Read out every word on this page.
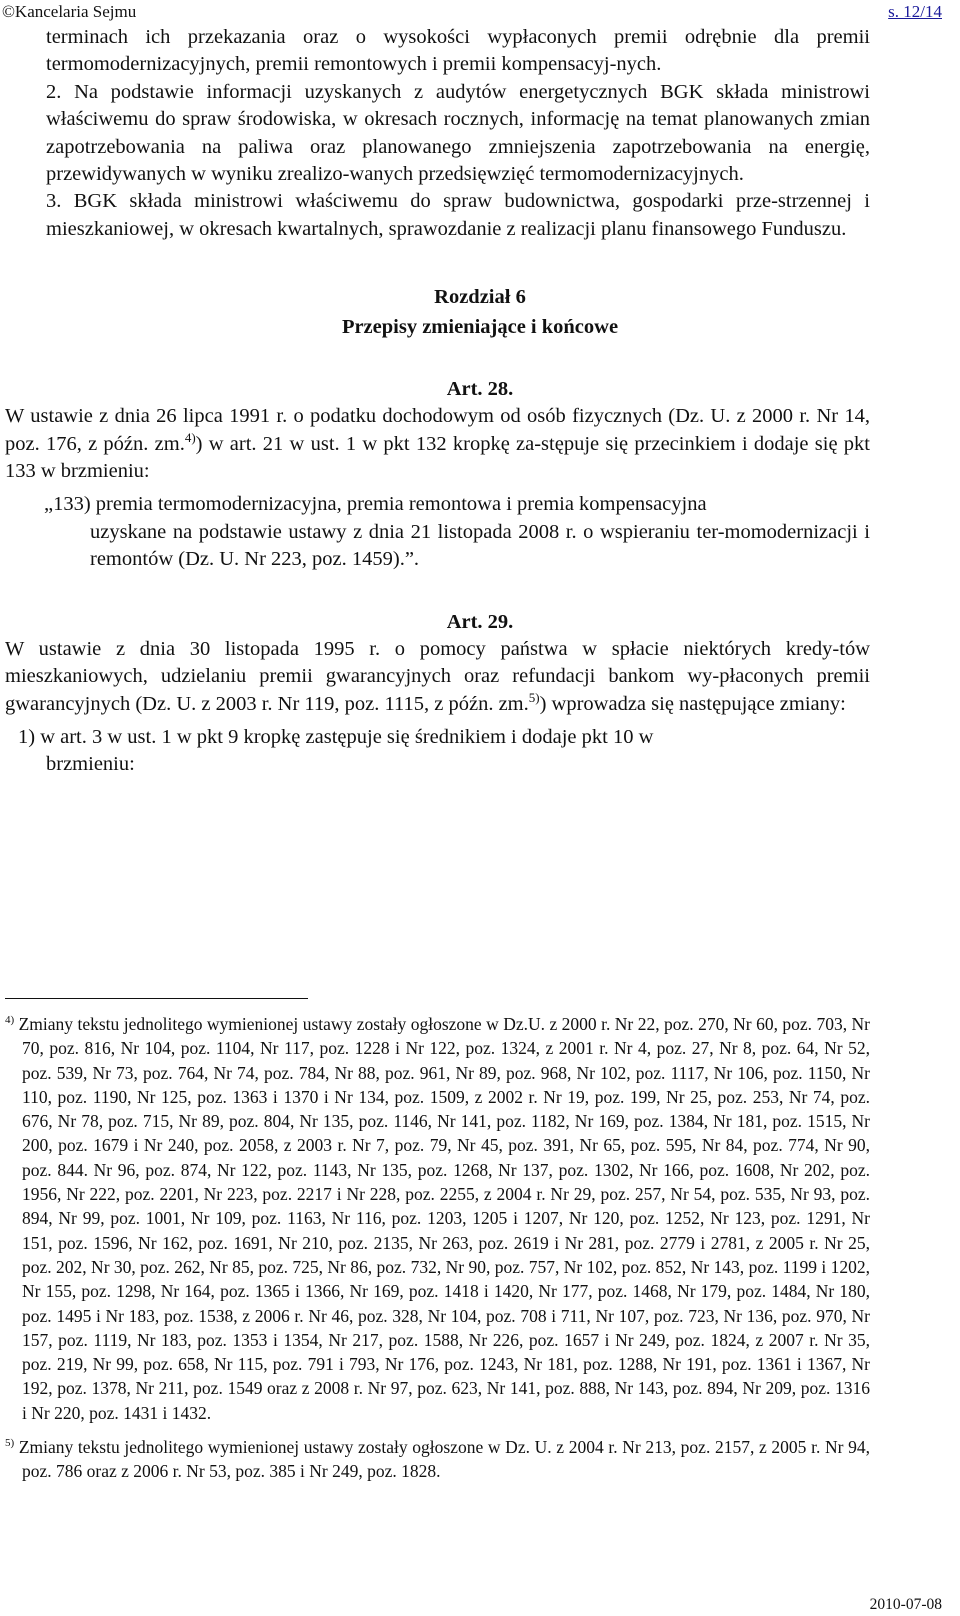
©Kancelaria Sejmu	s. 12/14

terminach ich przekazania oraz o wysokości wypłaconych premii odrębnie dla premii termomodernizacyjnych, premii remontowych i premii kompensacyj-nych.

2. Na podstawie informacji uzyskanych z audytów energetycznych BGK składa ministrowi właściwemu do spraw środowiska, w okresach rocznych, informację na temat planowanych zmian zapotrzebowania na paliwa oraz planowanego zmniejszenia zapotrzebowania na energię, przewidywanych w wyniku zrealizo-wanych przedsięwzięć termomodernizacyjnych.

3. BGK składa ministrowi właściwemu do spraw budownictwa, gospodarki prze-strzennej i mieszkaniowej, w okresach kwartalnych, sprawozdanie z realizacji planu finansowego Funduszu.

Rozdział 6

Przepisy zmieniające i końcowe

Art. 28.

W ustawie z dnia 26 lipca 1991 r. o podatku dochodowym od osób fizycznych (Dz. U. z 2000 r. Nr 14, poz. 176, z późn. zm.$^{4)}$) w art. 21 w ust. 1 w pkt 132 kropkę za-stępuje się przecinkiem i dodaje się pkt 133 w brzmieniu:

„133) premia termomodernizacyjna, premia remontowa i premia kompensacyjna
uzyskane na podstawie ustawy z dnia 21 listopada 2008 r. o wspieraniu ter-momodernizacji i remontów (Dz. U. Nr 223, poz. 1459).”.

Art. 29.

W ustawie z dnia 30 listopada 1995 r. o pomocy państwa w spłacie niektórych kredy-tów mieszkaniowych, udzielaniu premii gwarancyjnych oraz refundacji bankom wy-płaconych premii gwarancyjnych (Dz. U. z 2003 r. Nr 119, poz. 1115, z późn. zm.$^{5)}$) wprowadza się następujące zmiany:

1) w art. 3 w ust. 1 w pkt 9 kropkę zastępuje się średnikiem i dodaje pkt 10 w
brzmieniu:

$^{4)}$ Zmiany tekstu jednolitego wymienionej ustawy zostały ogłoszone w Dz.U. z 2000 r. Nr 22, poz. 270, Nr 60, poz. 703, Nr 70, poz. 816, Nr 104, poz. 1104, Nr 117, poz. 1228 i Nr 122, poz. 1324, z 2001 r. Nr 4, poz. 27, Nr 8, poz. 64, Nr 52, poz. 539, Nr 73, poz. 764, Nr 74, poz. 784, Nr 88, poz. 961, Nr 89, poz. 968, Nr 102, poz. 1117, Nr 106, poz. 1150, Nr 110, poz. 1190, Nr 125, poz. 1363 i 1370 i Nr 134, poz. 1509, z 2002 r. Nr 19, poz. 199, Nr 25, poz. 253, Nr 74, poz. 676, Nr 78, poz. 715, Nr 89, poz. 804, Nr 135, poz. 1146, Nr 141, poz. 1182, Nr 169, poz. 1384, Nr 181, poz. 1515, Nr 200, poz. 1679 i Nr 240, poz. 2058, z 2003 r. Nr 7, poz. 79, Nr 45, poz. 391, Nr 65, poz. 595, Nr 84, poz. 774, Nr 90, poz. 844. Nr 96, poz. 874, Nr 122, poz. 1143, Nr 135, poz. 1268, Nr 137, poz. 1302, Nr 166, poz. 1608, Nr 202, poz. 1956, Nr 222, poz. 2201, Nr 223, poz. 2217 i Nr 228, poz. 2255, z 2004 r. Nr 29, poz. 257, Nr 54, poz. 535, Nr 93, poz. 894, Nr 99, poz. 1001, Nr 109, poz. 1163, Nr 116, poz. 1203, 1205 i 1207, Nr 120, poz. 1252, Nr 123, poz. 1291, Nr 151, poz. 1596, Nr 162, poz. 1691, Nr 210, poz. 2135, Nr 263, poz. 2619 i Nr 281, poz. 2779 i 2781, z 2005 r. Nr 25, poz. 202, Nr 30, poz. 262, Nr 85, poz. 725, Nr 86, poz. 732, Nr 90, poz. 757, Nr 102, poz. 852, Nr 143, poz. 1199 i 1202, Nr 155, poz. 1298, Nr 164, poz. 1365 i 1366, Nr 169, poz. 1418 i 1420, Nr 177, poz. 1468, Nr 179, poz. 1484, Nr 180, poz. 1495 i Nr 183, poz. 1538, z 2006 r. Nr 46, poz. 328, Nr 104, poz. 708 i 711, Nr 107, poz. 723, Nr 136, poz. 970, Nr 157, poz. 1119, Nr 183, poz. 1353 i 1354, Nr 217, poz. 1588, Nr 226, poz. 1657 i Nr 249, poz. 1824, z 2007 r. Nr 35, poz. 219, Nr 99, poz. 658, Nr 115, poz. 791 i 793, Nr 176, poz. 1243, Nr 181, poz. 1288, Nr 191, poz. 1361 i 1367, Nr 192, poz. 1378, Nr 211, poz. 1549 oraz z 2008 r. Nr 97, poz. 623, Nr 141, poz. 888, Nr 143, poz. 894, Nr 209, poz. 1316 i Nr 220, poz. 1431 i 1432.

$^{5)}$ Zmiany tekstu jednolitego wymienionej ustawy zostały ogłoszone w Dz. U. z 2004 r. Nr 213, poz. 2157, z 2005 r. Nr 94, poz. 786 oraz z 2006 r. Nr 53, poz. 385 i Nr 249, poz. 1828.

2010-07-08
